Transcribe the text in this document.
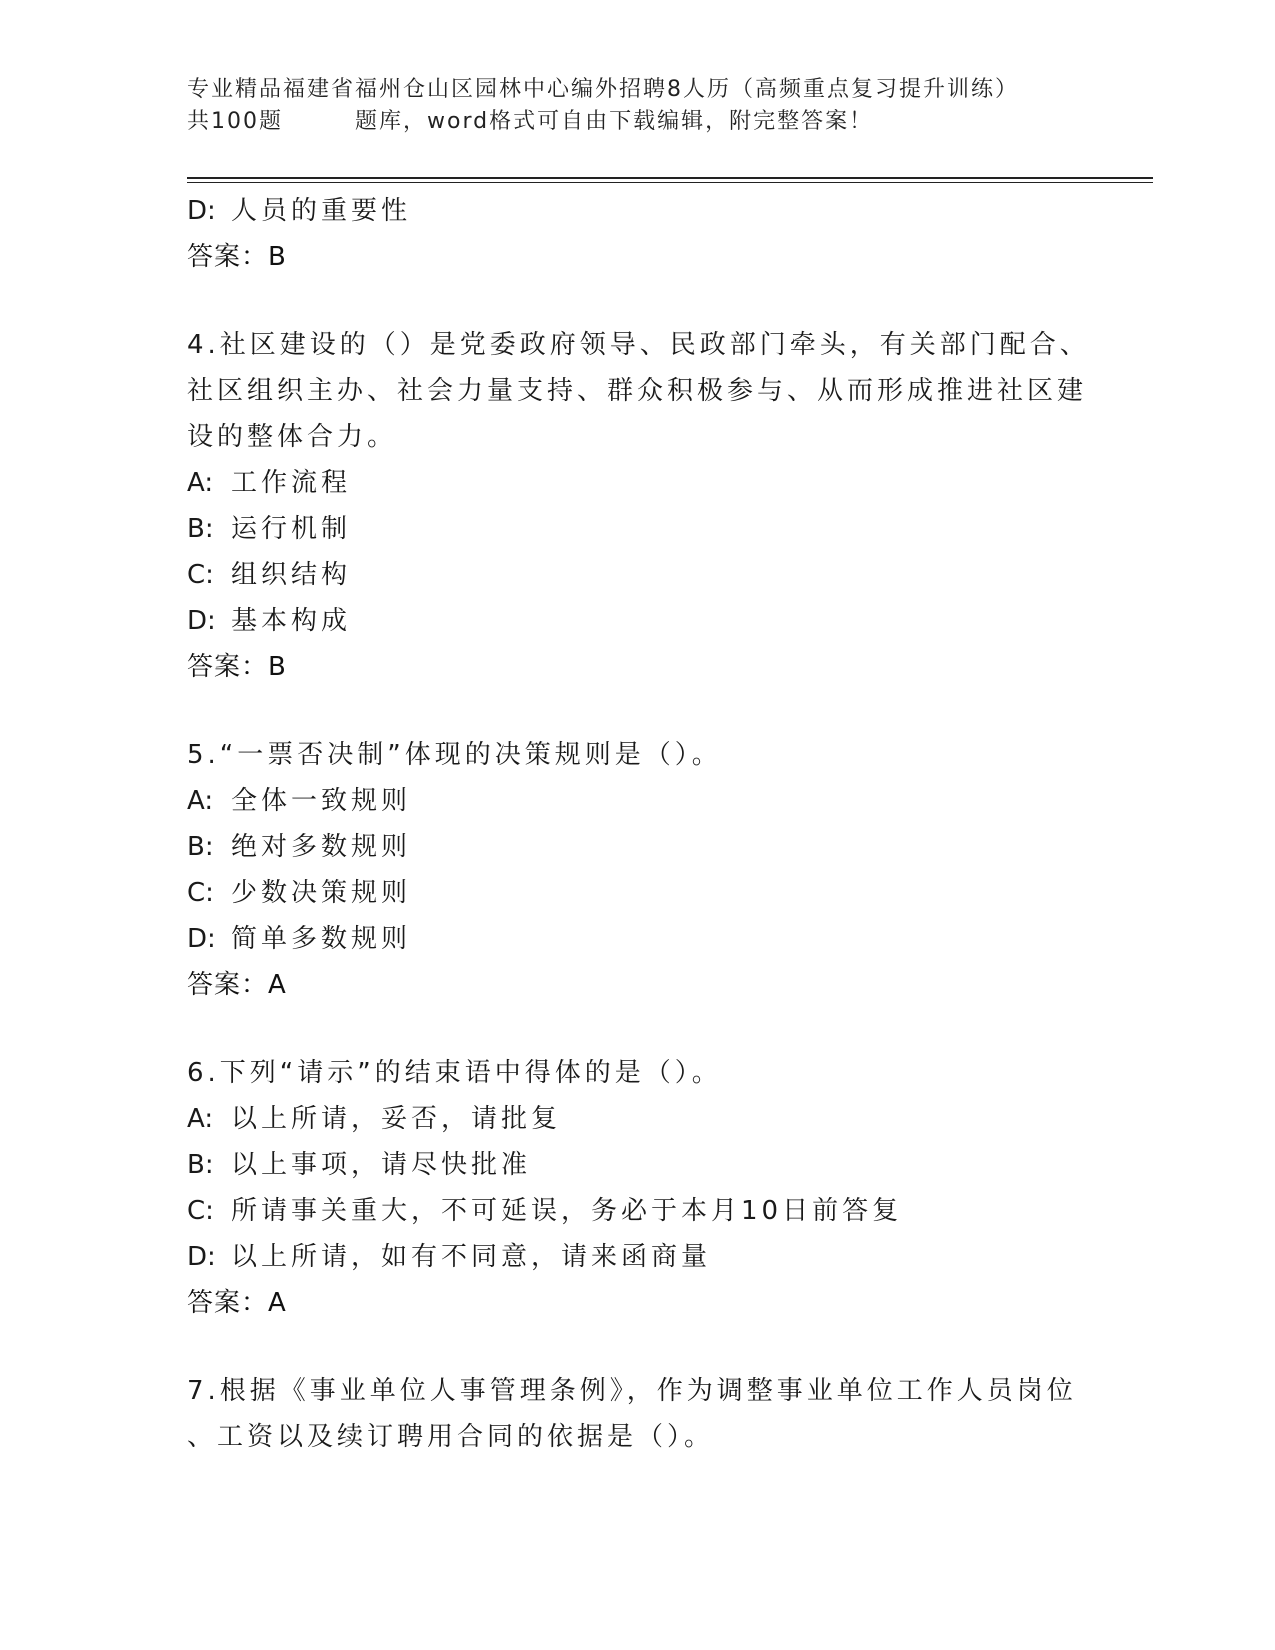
专业精品福建省福州仓山区园林中心编外招聘8人历（高频重点复习提升训练）
共100题	题库，word格式可自由下载编辑，附完整答案！
D: 人员的重要性
答案：B
4.社区建设的（）是党委政府领导、民政部门牵头，有关部门配合、
社区组织主办、社会力量支持、群众积极参与、从而形成推进社区建
设的整体合力。
A: 工作流程
B: 运行机制
C: 组织结构
D: 基本构成
答案：B
5.“一票否决制”体现的决策规则是（）。
A: 全体一致规则
B: 绝对多数规则
C: 少数决策规则
D: 简单多数规则
答案：A
6.下列“请示”的结束语中得体的是（）。
A: 以上所请，妥否，请批复
B: 以上事项，请尽快批准
C: 所请事关重大，不可延误，务必于本月10日前答复
D: 以上所请，如有不同意，请来函商量
答案：A
7.根据《事业单位人事管理条例》，作为调整事业单位工作人员岗位
、工资以及续订聘用合同的依据是（）。
